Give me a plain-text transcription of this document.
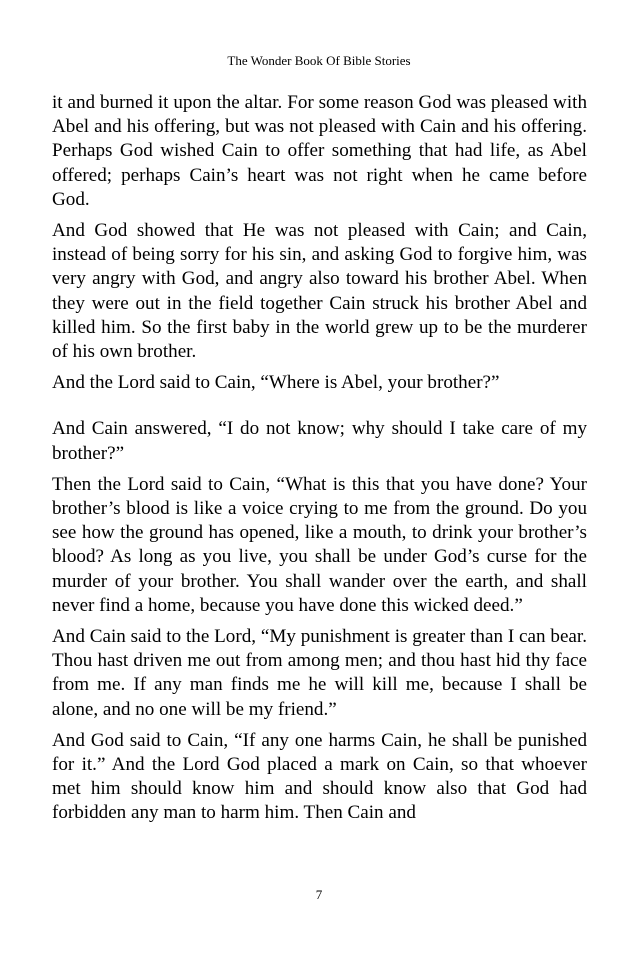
The Wonder Book Of Bible Stories

it and burned it upon the altar. For some reason God was pleased with Abel and his offering, but was not pleased with Cain and his offering. Perhaps God wished Cain to offer something that had life, as Abel offered; perhaps Cain’s heart was not right when he came before God.

And God showed that He was not pleased with Cain; and Cain, instead of being sorry for his sin, and asking God to forgive him, was very angry with God, and angry also toward his brother Abel. When they were out in the field together Cain struck his brother Abel and killed him. So the first baby in the world grew up to be the murderer of his own brother.

And the Lord said to Cain, “Where is Abel, your brother?”

And Cain answered, “I do not know; why should I take care of my brother?”

Then the Lord said to Cain, “What is this that you have done? Your brother’s blood is like a voice crying to me from the ground. Do you see how the ground has opened, like a mouth, to drink your brother’s blood? As long as you live, you shall be under God’s curse for the murder of your brother. You shall wander over the earth, and shall never find a home, because you have done this wicked deed.”

And Cain said to the Lord, “My punishment is greater than I can bear. Thou hast driven me out from among men; and thou hast hid thy face from me. If any man finds me he will kill me, because I shall be alone, and no one will be my friend.”

And God said to Cain, “If any one harms Cain, he shall be punished for it.” And the Lord God placed a mark on Cain, so that whoever met him should know him and should know also that God had forbidden any man to harm him. Then Cain and

7
